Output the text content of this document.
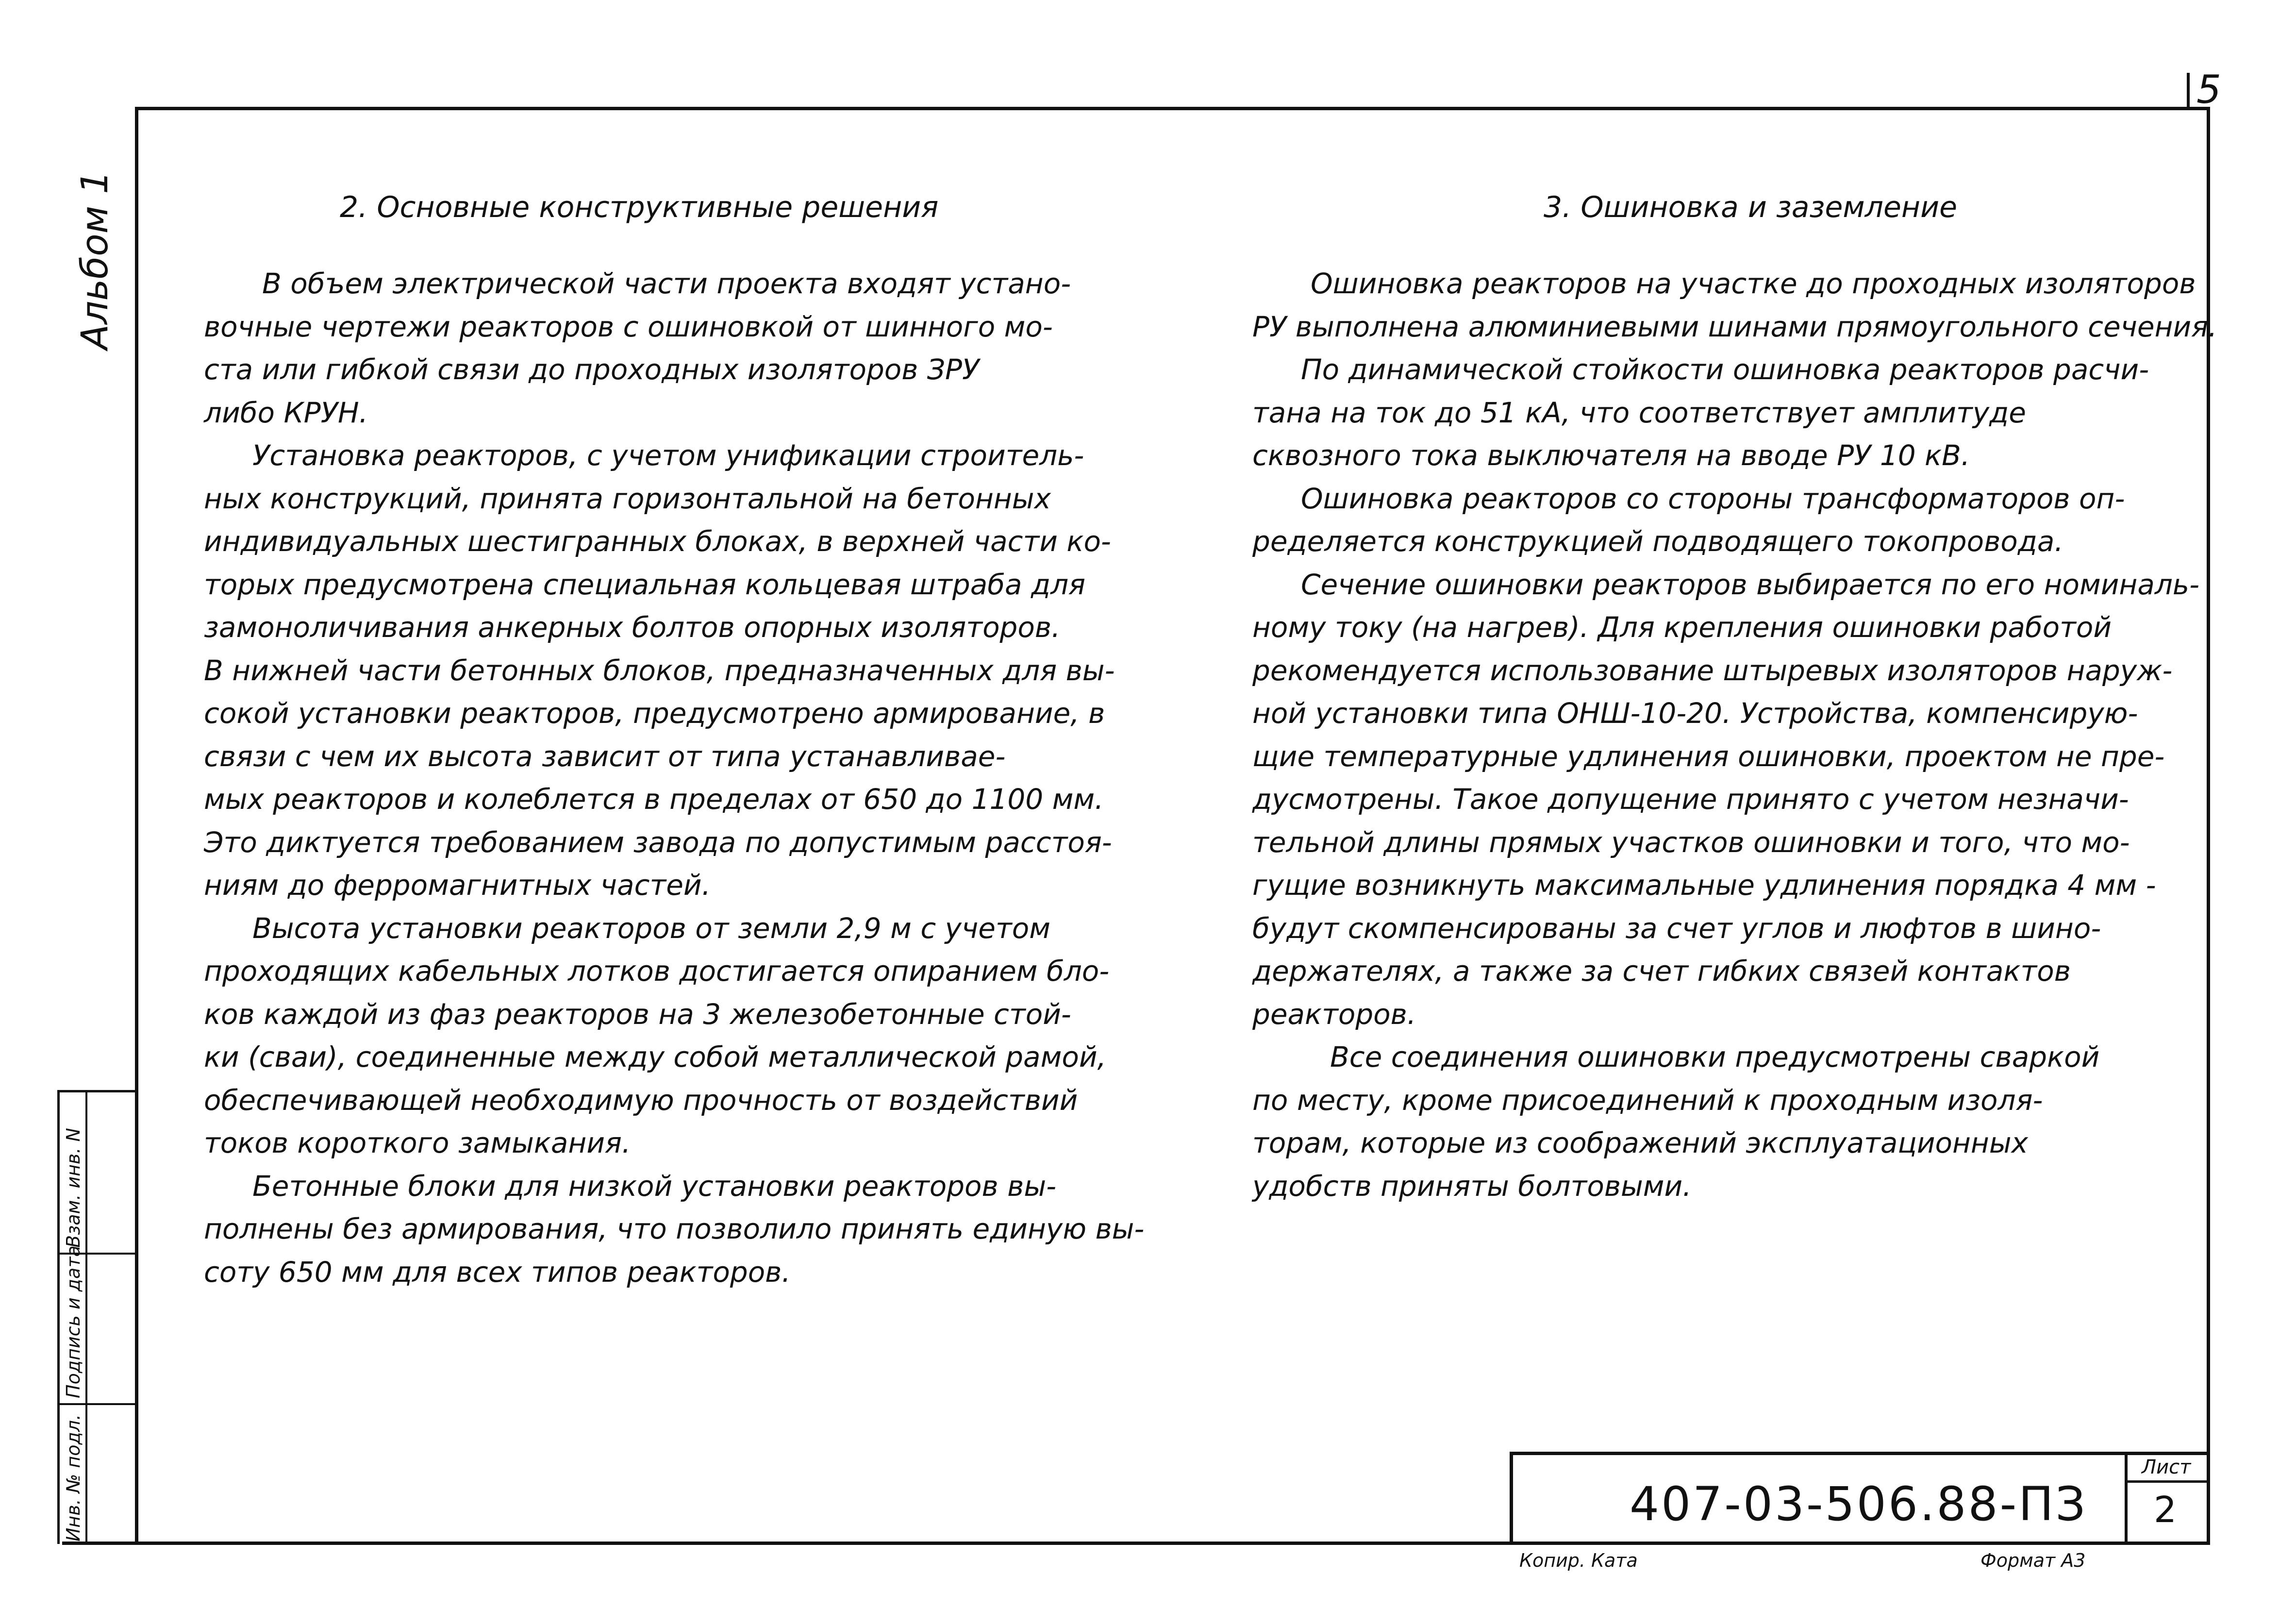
5
Альбом 1
Взам. инв. N
Подпись и дата
Инв. № подл.
2. Основные конструктивные решения

В объем электрической части проекта входят устано-

вочные чертежи реакторов с ошиновкой от шинного мо-

ста или гибкой связи до проходных изоляторов ЗРУ

либо КРУН.

Установка реакторов, с учетом унификации строитель-

ных конструкций, принята горизонтальной на бетонных

индивидуальных шестигранных блоках, в верхней части ко-

торых предусмотрена специальная кольцевая штраба для

замоноличивания анкерных болтов опорных изоляторов.

В нижней части бетонных блоков, предназначенных для вы-

сокой установки реакторов, предусмотрено армирование, в

связи с чем их высота зависит от типа устанавливае-

мых реакторов и колеблется в пределах от 650 до 1100 мм.

Это диктуется требованием завода по допустимым расстоя-

ниям до ферромагнитных частей.

Высота установки реакторов от земли 2,9 м с учетом

проходящих кабельных лотков достигается опиранием бло-

ков каждой из фаз реакторов на 3 железобетонные стой-

ки (сваи), соединенные между собой металлической рамой,

обеспечивающей необходимую прочность от воздействий

токов короткого замыкания.

Бетонные блоки для низкой установки реакторов вы-

полнены без армирования, что позволило принять единую вы-

соту 650 мм для всех типов реакторов.

3. Ошиновка и заземление

Ошиновка реакторов на участке до проходных изоляторов

РУ выполнена алюминиевыми шинами прямоугольного сечения.

По динамической стойкости ошиновка реакторов расчи-

тана на ток до 51 кА, что соответствует амплитуде

сквозного тока выключателя на вводе РУ 10 кВ.

Ошиновка реакторов со стороны трансформаторов оп-

ределяется конструкцией подводящего токопровода.

Сечение ошиновки реакторов выбирается по его номиналь-

ному току (на нагрев). Для крепления ошиновки работой

рекомендуется использование штыревых изоляторов наруж-

ной установки типа ОНШ-10-20. Устройства, компенсирую-

щие температурные удлинения ошиновки, проектом не пре-

дусмотрены. Такое допущение принято с учетом незначи-

тельной длины прямых участков ошиновки и того, что мо-

гущие возникнуть максимальные удлинения порядка 4 мм -

будут скомпенсированы за счет углов и люфтов в шино-

держателях, а также за счет гибких связей контактов

реакторов.

Все соединения ошиновки предусмотрены сваркой

по месту, кроме присоединений к проходным изоля-

торам, которые из соображений эксплуатационных

удобств приняты болтовыми.

407-03-506.88-ПЗ
Лист
2
Копир. Ката	Формат А3
